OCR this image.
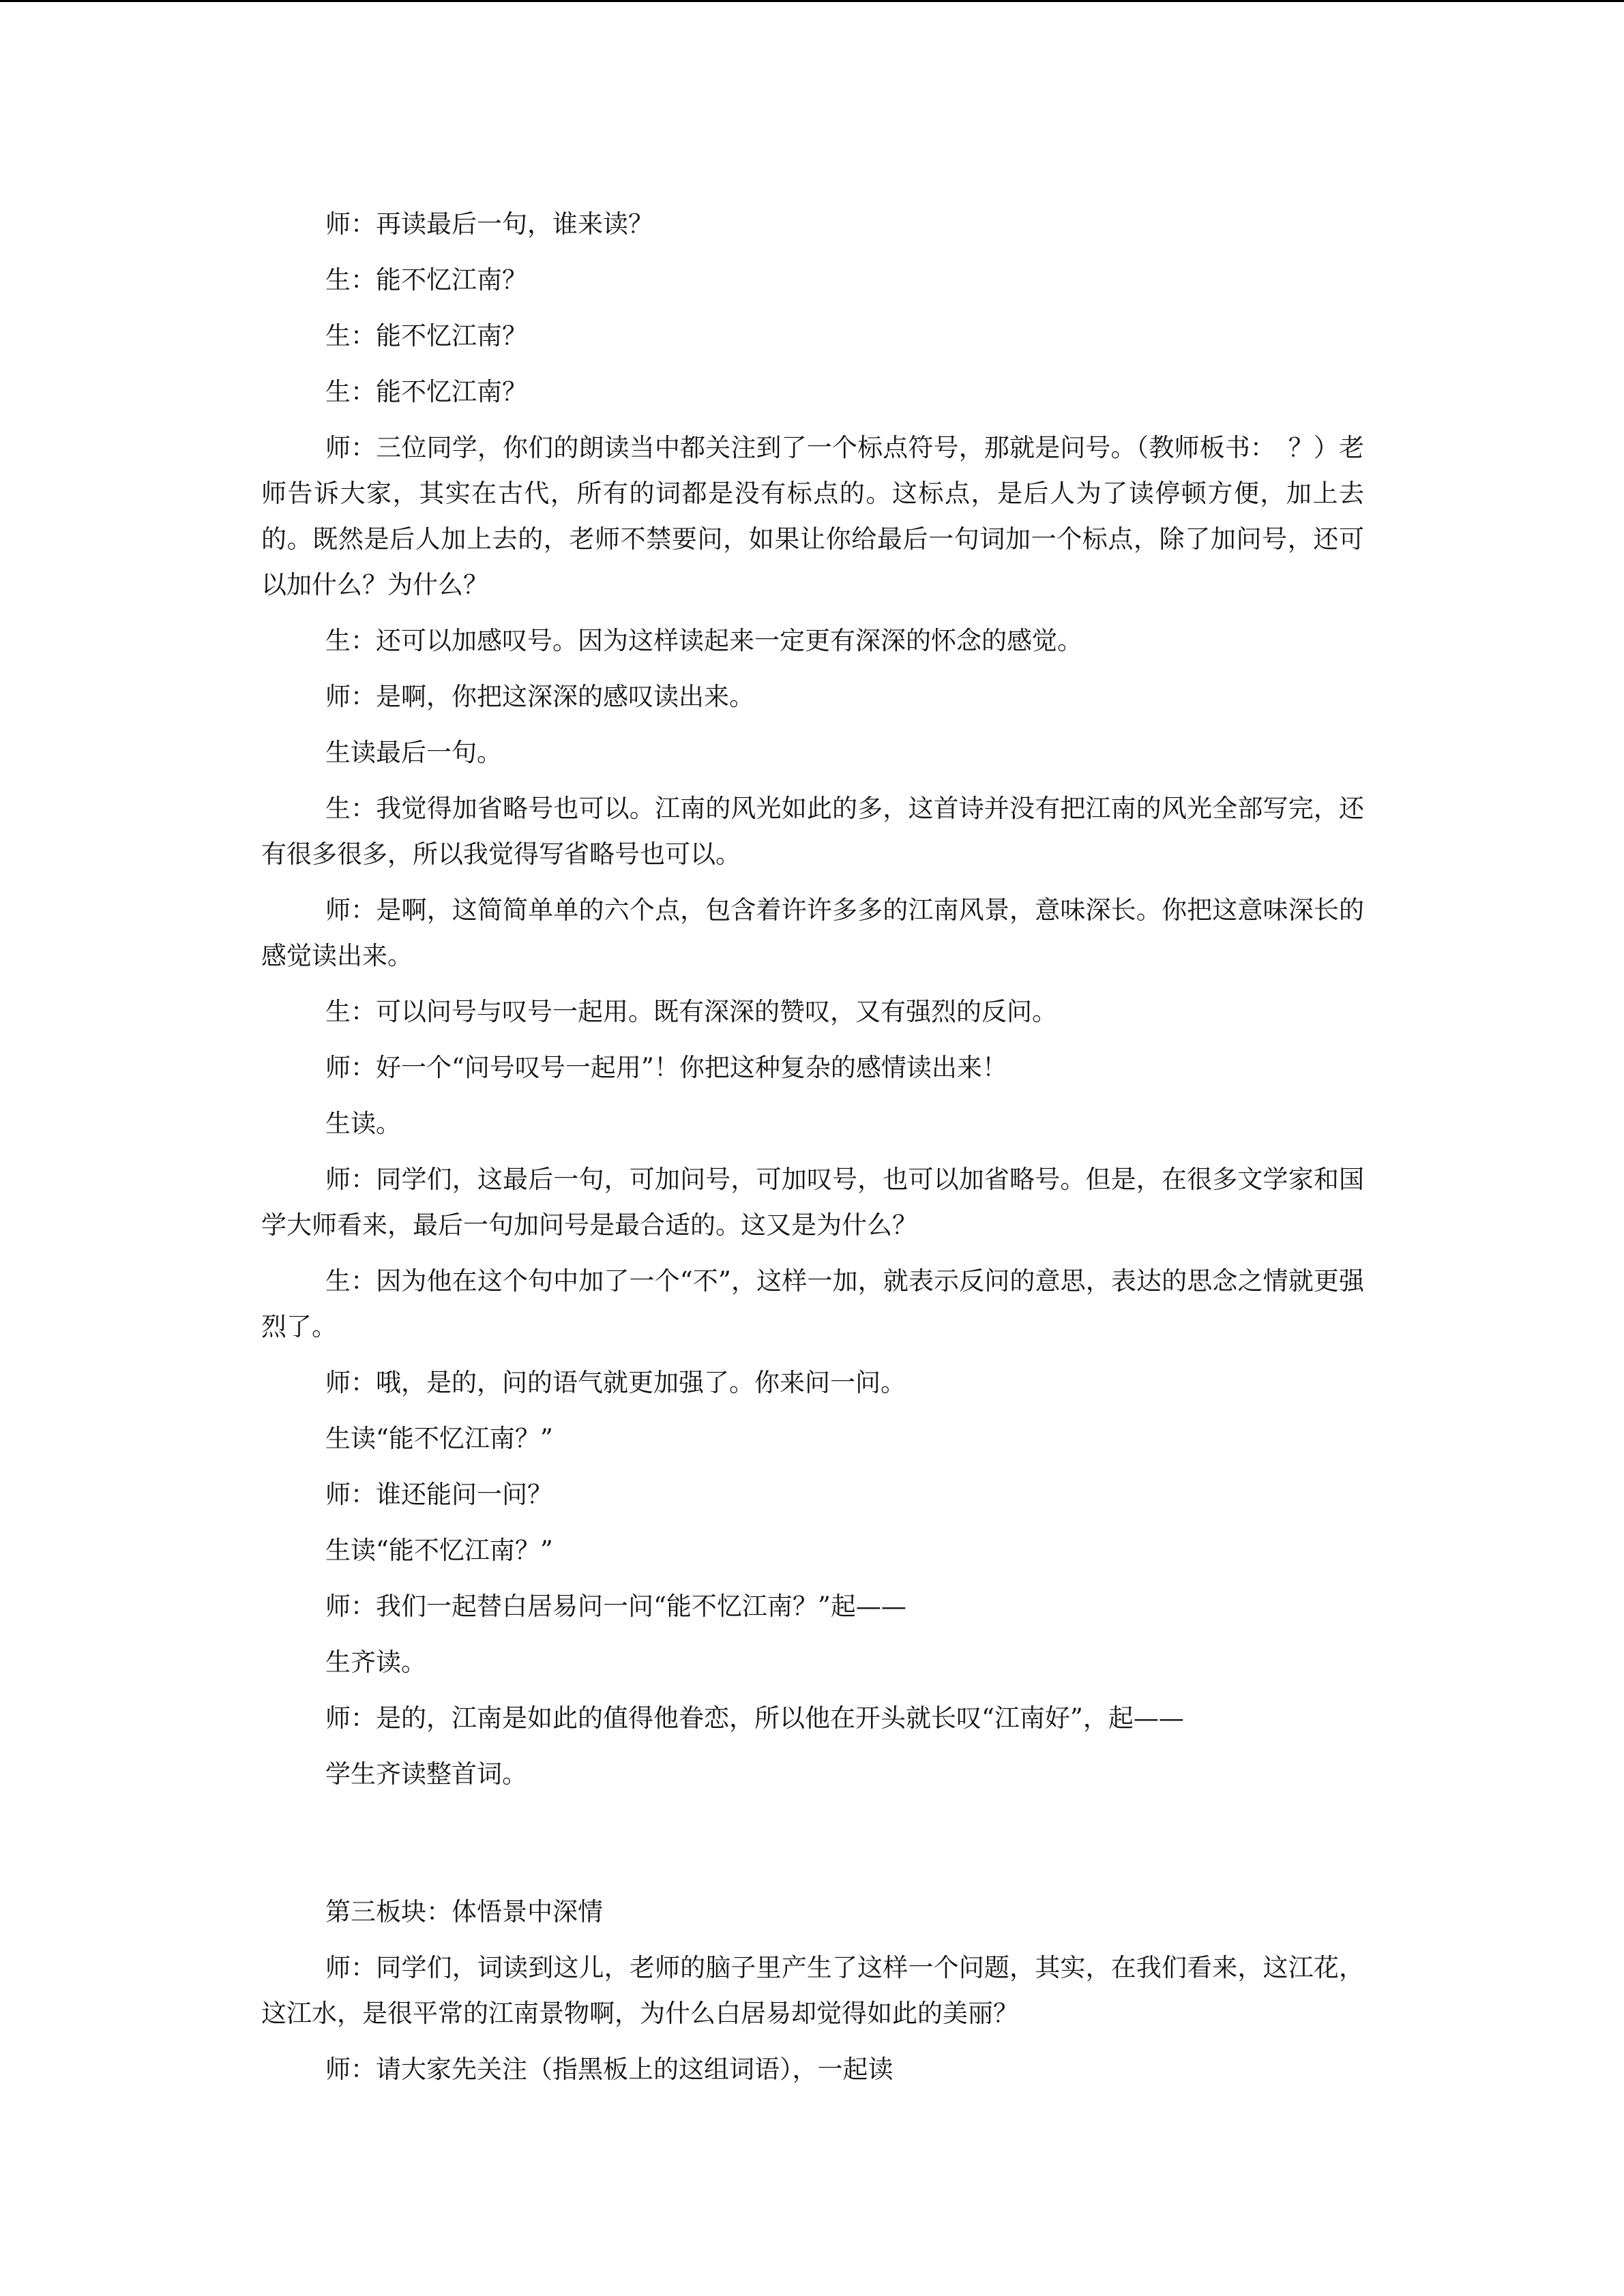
师：再读最后一句，谁来读？

生：能不忆江南？

生：能不忆江南？

生：能不忆江南？

师：三位同学，你们的朗读当中都关注到了一个标点符号，那就是问号。（教师板书：　？）老师告诉大家，其实在古代，所有的词都是没有标点的。这标点，是后人为了读停顿方便，加上去的。既然是后人加上去的，老师不禁要问，如果让你给最后一句词加一个标点，除了加问号，还可以加什么？为什么？

生：还可以加感叹号。因为这样读起来一定更有深深的怀念的感觉。

师：是啊，你把这深深的感叹读出来。

生读最后一句。

生：我觉得加省略号也可以。江南的风光如此的多，这首诗并没有把江南的风光全部写完，还有很多很多，所以我觉得写省略号也可以。

师：是啊，这简简单单的六个点，包含着许许多多的江南风景，意味深长。你把这意味深长的感觉读出来。

生：可以问号与叹号一起用。既有深深的赞叹，又有强烈的反问。

师：好一个“问号叹号一起用”！你把这种复杂的感情读出来！

生读。

师：同学们，这最后一句，可加问号，可加叹号，也可以加省略号。但是，在很多文学家和国学大师看来，最后一句加问号是最合适的。这又是为什么？

生：因为他在这个句中加了一个“不”，这样一加，就表示反问的意思，表达的思念之情就更强烈了。

师：哦，是的，问的语气就更加强了。你来问一问。

生读“能不忆江南？”

师：谁还能问一问？

生读“能不忆江南？”

师：我们一起替白居易问一问“能不忆江南？”起——

生齐读。

师：是的，江南是如此的值得他眷恋，所以他在开头就长叹“江南好”，起——

学生齐读整首词。

第三板块：体悟景中深情

师：同学们，词读到这儿，老师的脑子里产生了这样一个问题，其实，在我们看来，这江花，这江水，是很平常的江南景物啊，为什么白居易却觉得如此的美丽？

师：请大家先关注（指黑板上的这组词语），一起读
